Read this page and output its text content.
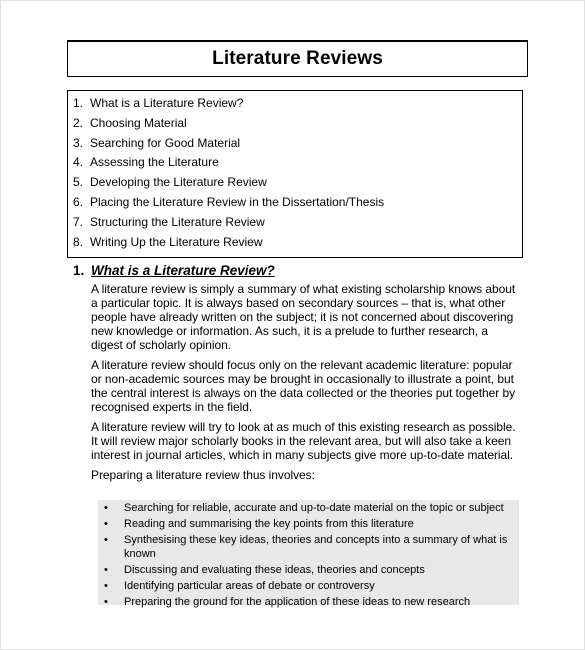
Literature Reviews
1. What is a Literature Review?
2. Choosing Material
3. Searching for Good Material
4. Assessing the Literature
5. Developing the Literature Review
6. Placing the Literature Review in the Dissertation/Thesis
7. Structuring the Literature Review
8. Writing Up the Literature Review
1. What is a Literature Review?

A literature review is simply a summary of what existing scholarship knows about a particular topic. It is always based on secondary sources – that is, what other people have already written on the subject; it is not concerned about discovering new knowledge or information. As such, it is a prelude to further research, a digest of scholarly opinion.

A literature review should focus only on the relevant academic literature: popular or non-academic sources may be brought in occasionally to illustrate a point, but the central interest is always on the data collected or the theories put together by recognised experts in the field.

A literature review will try to look at as much of this existing research as possible. It will review major scholarly books in the relevant area, but will also take a keen interest in journal articles, which in many subjects give more up-to-date material.

Preparing a literature review thus involves:

• Searching for reliable, accurate and up-to-date material on the topic or subject
• Reading and summarising the key points from this literature
• Synthesising these key ideas, theories and concepts into a summary of what is known
• Discussing and evaluating these ideas, theories and concepts
• Identifying particular areas of debate or controversy
• Preparing the ground for the application of these ideas to new research
